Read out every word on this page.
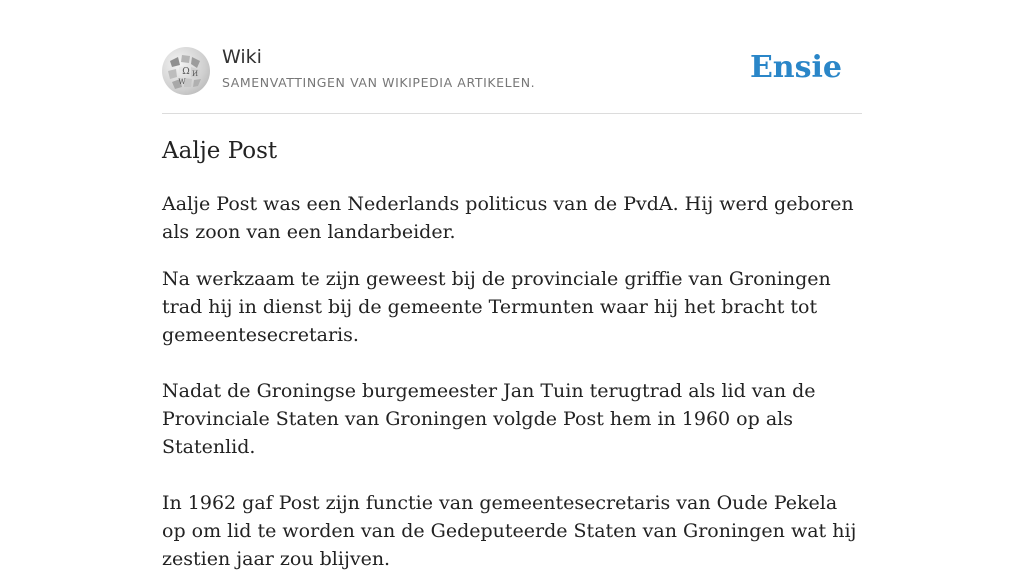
Ω И
W

Wiki

SAMENVATTINGEN VAN WIKIPEDIA ARTIKELEN.	Ensie
Aalje Post

Aalje Post was een Nederlands politicus van de PvdA. Hij werd geboren als zoon van een landarbeider.

Na werkzaam te zijn geweest bij de provinciale griffie van Groningen trad hij in dienst bij de gemeente Termunten waar hij het bracht tot gemeentesecretaris.

Nadat de Groningse burgemeester Jan Tuin terugtrad als lid van de Provinciale Staten van Groningen volgde Post hem in 1960 op als Statenlid.

In 1962 gaf Post zijn functie van gemeentesecretaris van Oude Pekela op om lid te worden van de Gedeputeerde Staten van Groningen wat hij zestien jaar zou blijven.
